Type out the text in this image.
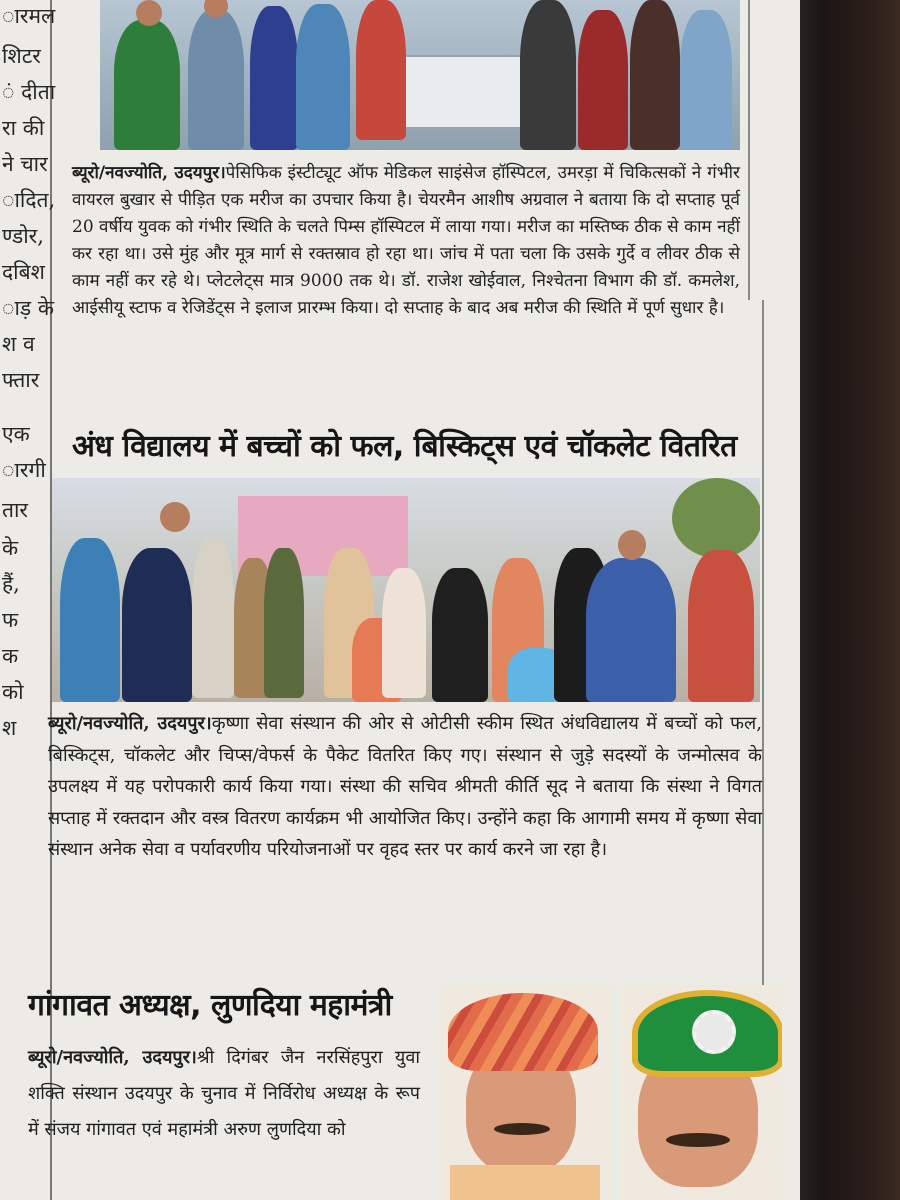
ारमल
शिटर
ं दीता
रा की
ने चार
ादित,
ण्डोर,
दबिश
ाड़ के
श व
फ्तार
एक
ारगी
तार
के
हैं,
फ
क
को
श

ब्यूरो/नवज्योति, उदयपुर।पेसिफिक इंस्टीट्यूट ऑफ मेडिकल साइंसेज हॉस्पिटल, उमरड़ा में चिकित्सकों ने गंभीर वायरल बुखार से पीड़ित एक मरीज का उपचार किया है। चेयरमैन आशीष अग्रवाल ने बताया कि दो सप्ताह पूर्व 20 वर्षीय युवक को गंभीर स्थिति के चलते पिम्स हॉस्पिटल में लाया गया। मरीज का मस्तिष्क ठीक से काम नहीं कर रहा था। उसे मुंह और मूत्र मार्ग से रक्तस्राव हो रहा था। जांच में पता चला कि उसके गुर्दे व लीवर ठीक से काम नहीं कर रहे थे। प्लेटलेट्स मात्र 9000 तक थे। डॉ. राजेश खोईवाल, निश्चेतना विभाग की डॉ. कमलेश, आईसीयू स्टाफ व रेजिडेंट्स ने इलाज प्रारम्भ किया। दो सप्ताह के बाद अब मरीज की स्थिति में पूर्ण सुधार है।

अंध विद्यालय में बच्चों को फल, बिस्किट्स एवं चॉकलेट वितरित

ब्यूरो/नवज्योति, उदयपुर।कृष्णा सेवा संस्थान की ओर से ओटीसी स्कीम स्थित अंधविद्यालय में बच्चों को फल, बिस्किट्स, चॉकलेट और चिप्स/वेफर्स के पैकेट वितरित किए गए। संस्थान से जुड़े सदस्यों के जन्मोत्सव के उपलक्ष्य में यह परोपकारी कार्य किया गया। संस्था की सचिव श्रीमती कीर्ति सूद ने बताया कि संस्था ने विगत सप्ताह में रक्तदान और वस्त्र वितरण कार्यक्रम भी आयोजित किए। उन्होंने कहा कि आगामी समय में कृष्णा सेवा संस्थान अनेक सेवा व पर्यावरणीय परियोजनाओं पर वृहद स्तर पर कार्य करने जा रहा है।

गांगावत अध्यक्ष, लुणदिया महामंत्री

ब्यूरो/नवज्योति, उदयपुर।श्री दिगंबर जैन नरसिंहपुरा युवा शक्ति संस्थान उदयपुर के चुनाव में निर्विरोध अध्यक्ष के रूप में संजय गांगावत एवं महामंत्री अरुण लुणदिया को
